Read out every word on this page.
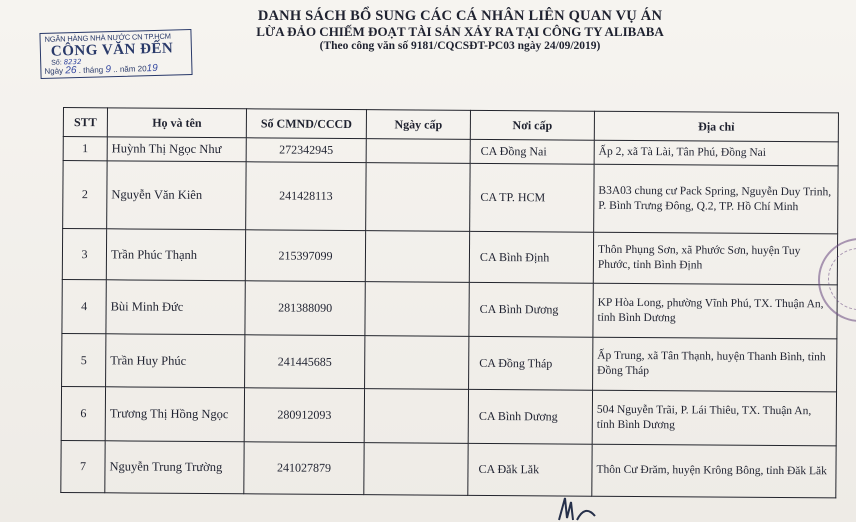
NGÂN HÀNG NHÀ NƯỚC CN TP.HCM
CÔNG VĂN ĐẾN
Số: 8232
Ngày 26 . tháng 9 .. năm 2019
DANH SÁCH BỔ SUNG CÁC CÁ NHÂN LIÊN QUAN VỤ ÁN
LỪA ĐẢO CHIẾM ĐOẠT TÀI SẢN XẢY RA TẠI CÔNG TY ALIBABA
(Theo công văn số 9181/CQCSĐT-PC03 ngày 24/09/2019)
STT	Họ và tên	Số CMND/CCCD	Ngày cấp	Nơi cấp	Địa chỉ
1	Huỳnh Thị Ngọc Như	272342945		CA Đồng Nai	Ấp 2, xã Tà Lài, Tân Phú, Đồng Nai
2	Nguyễn Văn Kiên	241428113		CA TP. HCM	B3A03 chung cư Pack Spring, Nguyễn Duy Trinh, P. Bình Trưng Đông, Q.2, TP. Hồ Chí Minh
3	Trần Phúc Thạnh	215397099		CA Bình Định	Thôn Phụng Sơn, xã Phước Sơn, huyện Tuy Phước, tỉnh Bình Định
4	Bùi Minh Đức	281388090		CA Bình Dương	KP Hòa Long, phường Vĩnh Phú, TX. Thuận An, tỉnh Bình Dương
5	Trần Huy Phúc	241445685		CA Đồng Tháp	Ấp Trung, xã Tân Thạnh, huyện Thanh Bình, tỉnh Đồng Tháp
6	Trương Thị Hồng Ngọc	280912093		CA Bình Dương	504 Nguyễn Trãi, P. Lái Thiêu, TX. Thuận An, tỉnh Bình Dương
7	Nguyễn Trung Trường	241027879		CA Đăk Lăk	Thôn Cư Đrăm, huyện Krông Bông, tỉnh Đăk Lăk
